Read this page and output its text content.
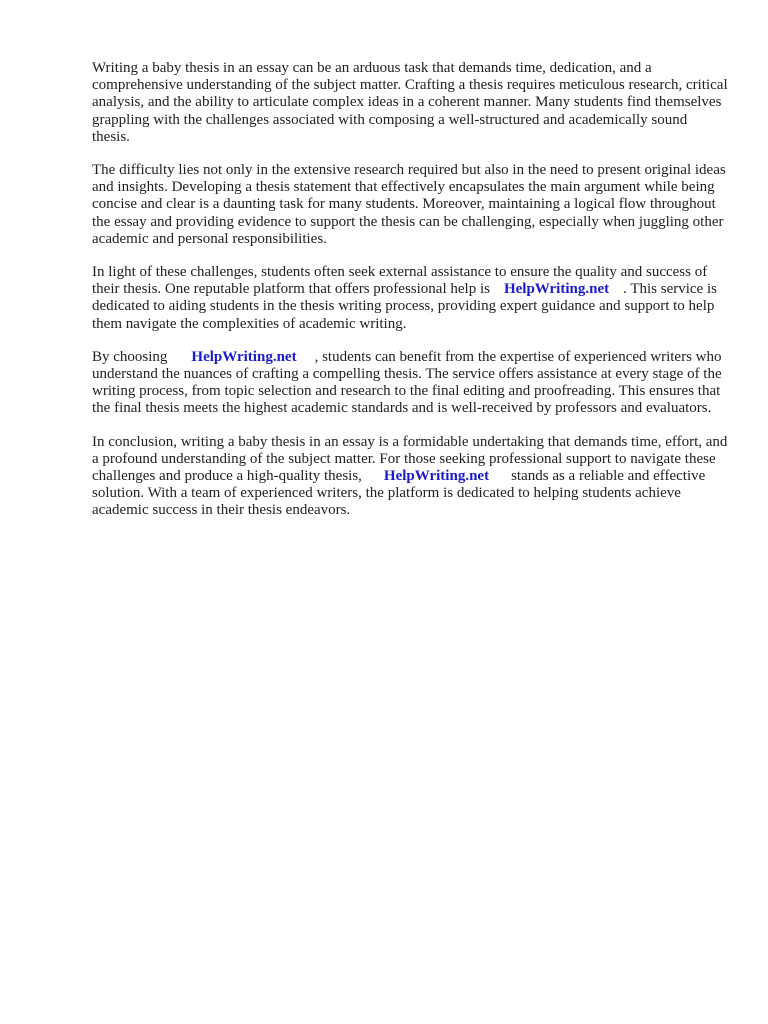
Writing a baby thesis in an essay can be an arduous task that demands time, dedication, and a comprehensive understanding of the subject matter. Crafting a thesis requires meticulous research, critical analysis, and the ability to articulate complex ideas in a coherent manner. Many students find themselves grappling with the challenges associated with composing a well-structured and academically sound thesis.

The difficulty lies not only in the extensive research required but also in the need to present original ideas and insights. Developing a thesis statement that effectively encapsulates the main argument while being concise and clear is a daunting task for many students. Moreover, maintaining a logical flow throughout the essay and providing evidence to support the thesis can be challenging, especially when juggling other academic and personal responsibilities.

In light of these challenges, students often seek external assistance to ensure the quality and success of their thesis. One reputable platform that offers professional help is HelpWriting.net . This service is dedicated to aiding students in the thesis writing process, providing expert guidance and support to help them navigate the complexities of academic writing.

By choosing HelpWriting.net , students can benefit from the expertise of experienced writers who understand the nuances of crafting a compelling thesis. The service offers assistance at every stage of the writing process, from topic selection and research to the final editing and proofreading. This ensures that the final thesis meets the highest academic standards and is well-received by professors and evaluators.

In conclusion, writing a baby thesis in an essay is a formidable undertaking that demands time, effort, and a profound understanding of the subject matter. For those seeking professional support to navigate these challenges and produce a high-quality thesis, HelpWriting.net stands as a reliable and effective solution. With a team of experienced writers, the platform is dedicated to helping students achieve academic success in their thesis endeavors.
